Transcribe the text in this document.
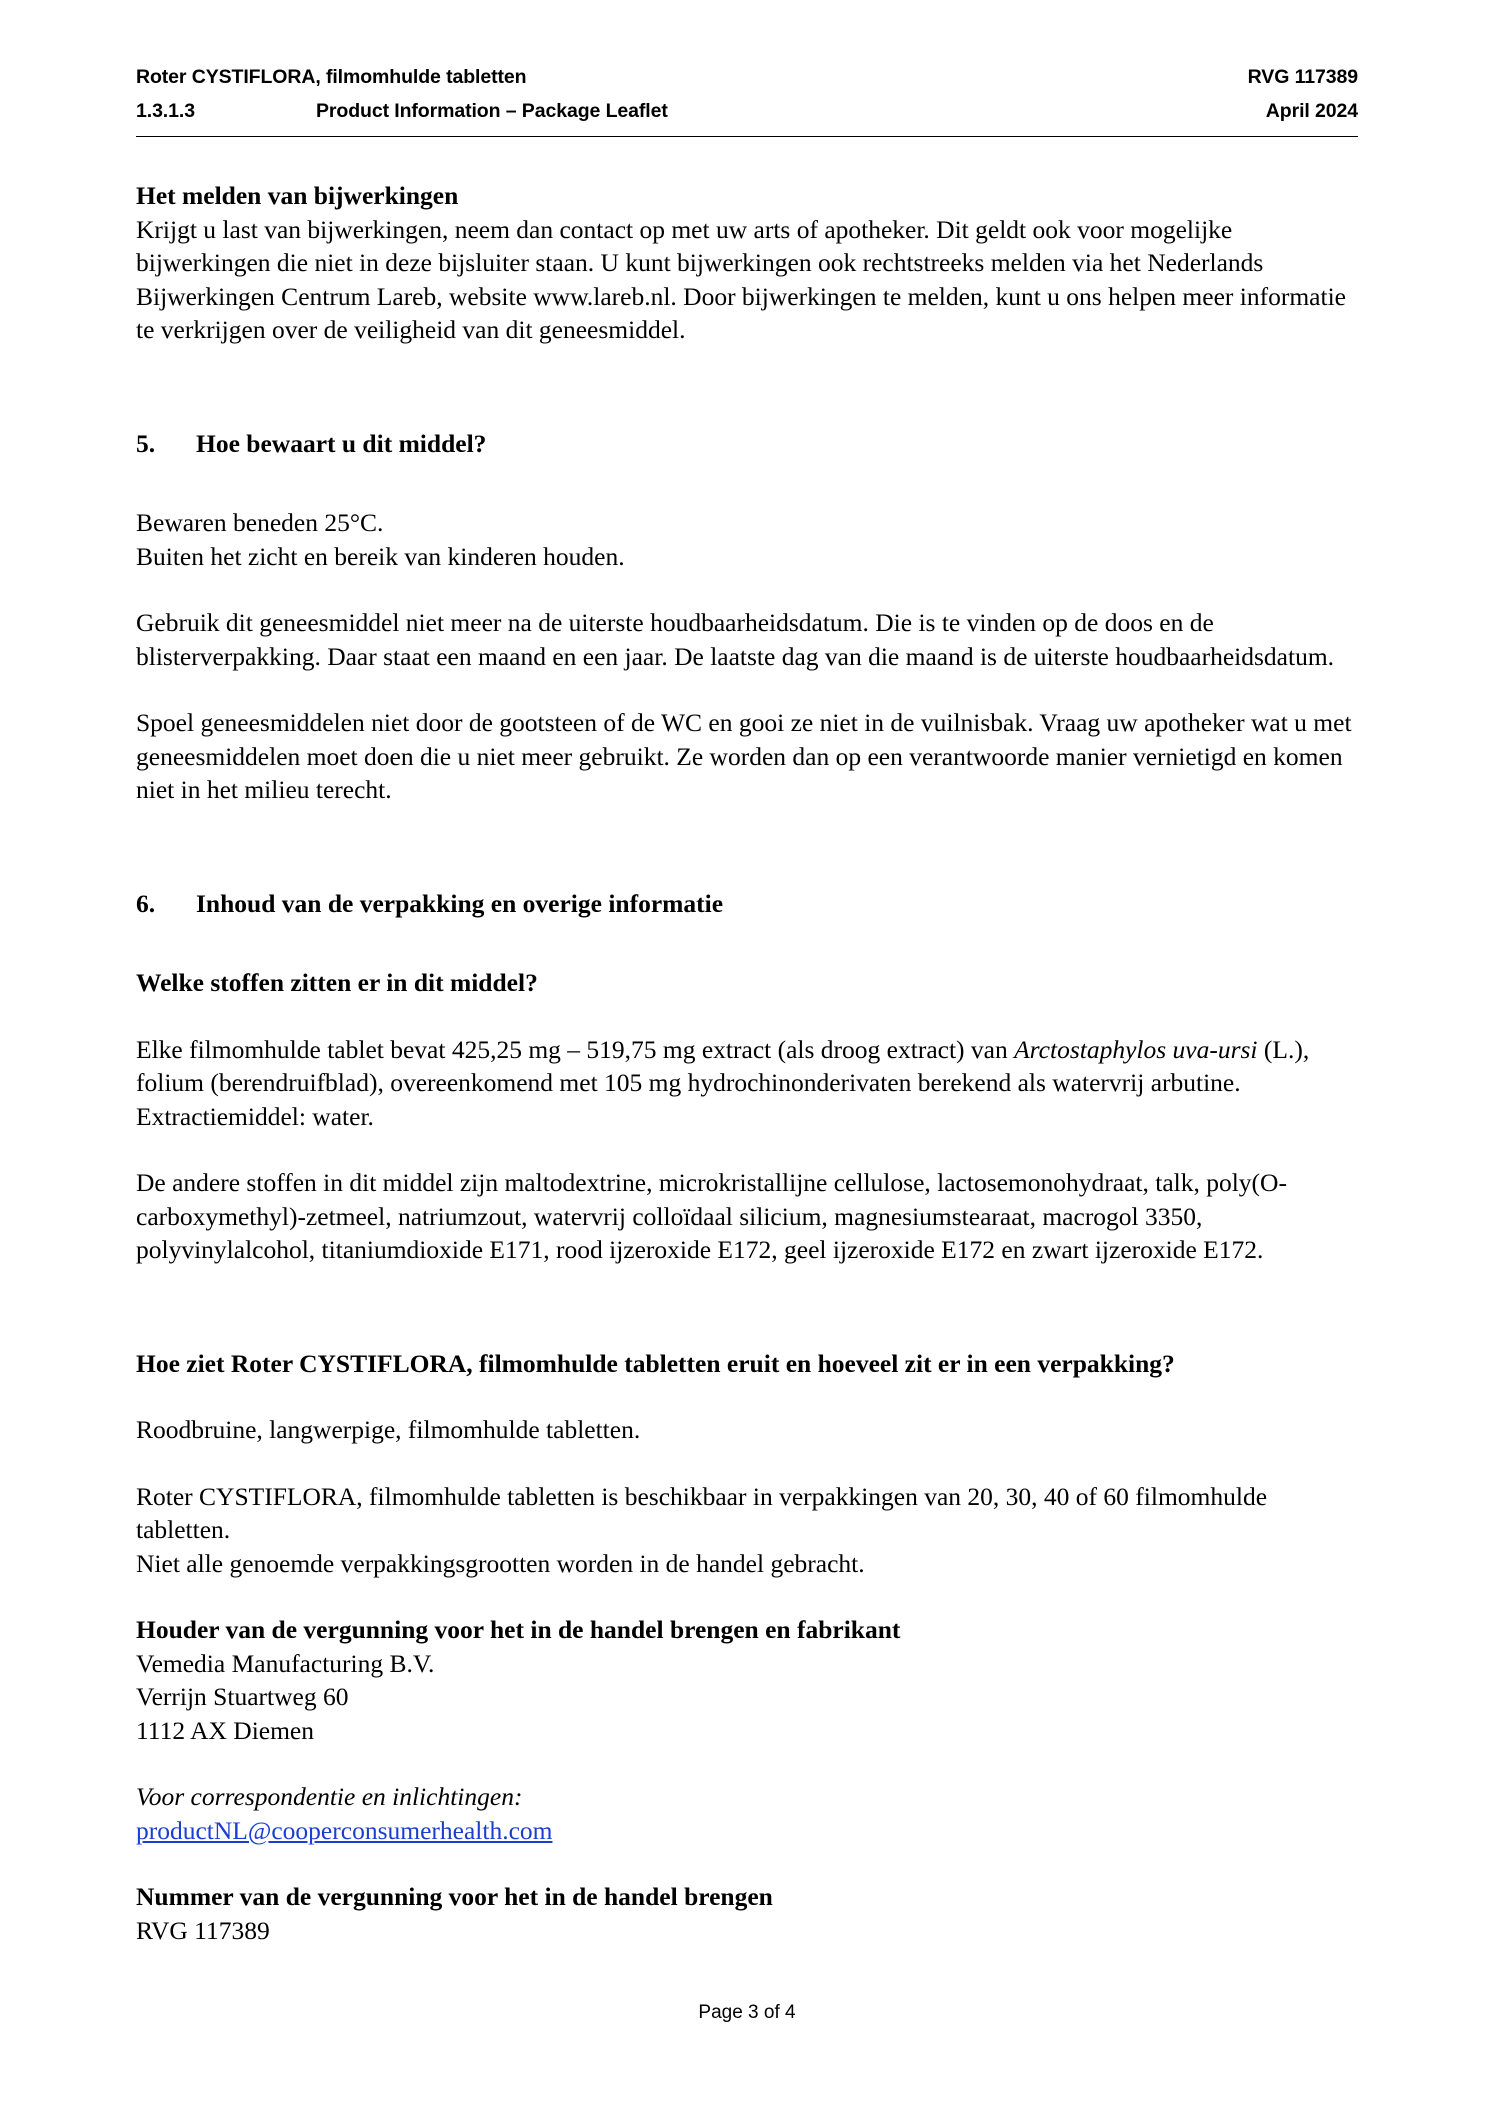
Roter CYSTIFLORA, filmomhulde tabletten	RVG 117389
1.3.1.3	Product Information – Package Leaflet	April 2024

Het melden van bijwerkingen

Krijgt u last van bijwerkingen, neem dan contact op met uw arts of apotheker. Dit geldt ook voor mogelijke bijwerkingen die niet in deze bijsluiter staan. U kunt bijwerkingen ook rechtstreeks melden via het Nederlands Bijwerkingen Centrum Lareb, website www.lareb.nl. Door bijwerkingen te melden, kunt u ons helpen meer informatie te verkrijgen over de veiligheid van dit geneesmiddel.

5.	Hoe bewaart u dit middel?

Bewaren beneden 25°C.

Buiten het zicht en bereik van kinderen houden.

Gebruik dit geneesmiddel niet meer na de uiterste houdbaarheidsdatum. Die is te vinden op de doos en de blisterverpakking. Daar staat een maand en een jaar. De laatste dag van die maand is de uiterste houdbaarheidsdatum.

Spoel geneesmiddelen niet door de gootsteen of de WC en gooi ze niet in de vuilnisbak. Vraag uw apotheker wat u met geneesmiddelen moet doen die u niet meer gebruikt. Ze worden dan op een verantwoorde manier vernietigd en komen niet in het milieu terecht.

6.	Inhoud van de verpakking en overige informatie

Welke stoffen zitten er in dit middel?

Elke filmomhulde tablet bevat 425,25 mg – 519,75 mg extract (als droog extract) van Arctostaphylos uva-ursi (L.), folium (berendruifblad), overeenkomend met 105 mg hydrochinonderivaten berekend als watervrij arbutine.

Extractiemiddel: water.

De andere stoffen in dit middel zijn maltodextrine, microkristallijne cellulose, lactosemonohydraat, talk, poly(O-carboxymethyl)-zetmeel, natriumzout, watervrij colloïdaal silicium, magnesiumstearaat, macrogol 3350, polyvinylalcohol, titaniumdioxide E171, rood ijzeroxide E172, geel ijzeroxide E172 en zwart ijzeroxide E172.

Hoe ziet Roter CYSTIFLORA, filmomhulde tabletten eruit en hoeveel zit er in een verpakking?

Roodbruine, langwerpige, filmomhulde tabletten.

Roter CYSTIFLORA, filmomhulde tabletten is beschikbaar in verpakkingen van 20, 30, 40 of 60 filmomhulde tabletten.

Niet alle genoemde verpakkingsgrootten worden in de handel gebracht.

Houder van de vergunning voor het in de handel brengen en fabrikant

Vemedia Manufacturing B.V.

Verrijn Stuartweg 60

1112 AX Diemen

Voor correspondentie en inlichtingen:

productNL@cooperconsumerhealth.com

Nummer van de vergunning voor het in de handel brengen

RVG 117389

Page 3 of 4
